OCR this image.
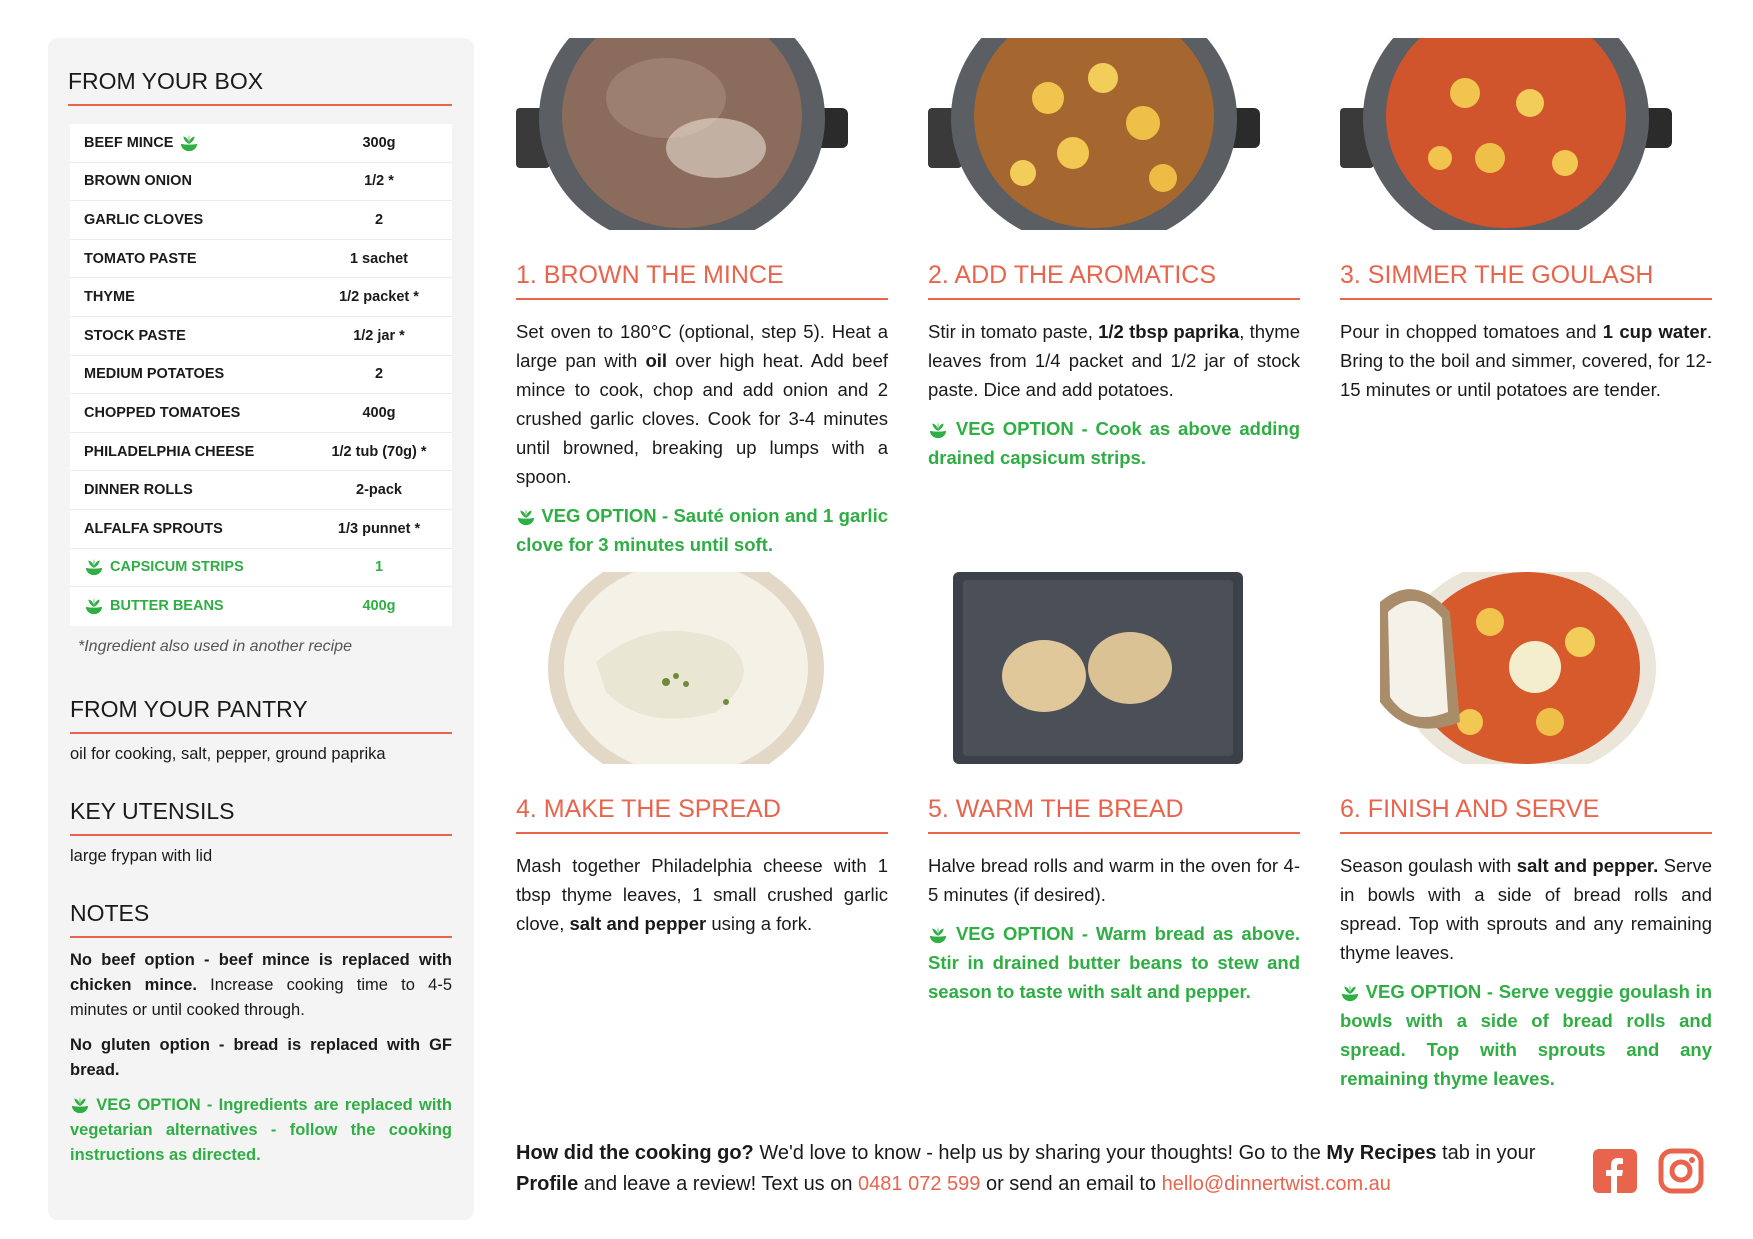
FROM YOUR BOX
BEEF MINCE	300g
BROWN ONION	1/2 *
GARLIC CLOVES	2
TOMATO PASTE	1 sachet
THYME	1/2 packet *
STOCK PASTE	1/2 jar *
MEDIUM POTATOES	2
CHOPPED TOMATOES	400g
PHILADELPHIA CHEESE	1/2 tub (70g) *
DINNER ROLLS	2-pack
ALFALFA SPROUTS	1/3 punnet *
CAPSICUM STRIPS	1
BUTTER BEANS	400g
*Ingredient also used in another recipe
FROM YOUR PANTRY
oil for cooking, salt, pepper, ground paprika
KEY UTENSILS
large frypan with lid
NOTES
No beef option - beef mince is replaced with chicken mince. Increase cooking time to 4-5 minutes or until cooked through.
No gluten option - bread is replaced with GF bread.
VEG OPTION - Ingredients are replaced with vegetarian alternatives - follow the cooking instructions as directed.
1. BROWN THE MINCE
Set oven to 180°C (optional, step 5). Heat a large pan with oil over high heat. Add beef mince to cook, chop and add onion and 2 crushed garlic cloves. Cook for 3-4 minutes until browned, breaking up lumps with a spoon.
VEG OPTION - Sauté onion and 1 garlic clove for 3 minutes until soft.
2. ADD THE AROMATICS
Stir in tomato paste, 1/2 tbsp paprika, thyme leaves from 1/4 packet and 1/2 jar of stock paste. Dice and add potatoes.
VEG OPTION - Cook as above adding drained capsicum strips.
3. SIMMER THE GOULASH
Pour in chopped tomatoes and 1 cup water. Bring to the boil and simmer, covered, for 12-15 minutes or until potatoes are tender.
4. MAKE THE SPREAD
Mash together Philadelphia cheese with 1 tbsp thyme leaves, 1 small crushed garlic clove, salt and pepper using a fork.
5. WARM THE BREAD
Halve bread rolls and warm in the oven for 4-5 minutes (if desired).
VEG OPTION - Warm bread as above. Stir in drained butter beans to stew and season to taste with salt and pepper.
6. FINISH AND SERVE
Season goulash with salt and pepper. Serve in bowls with a side of bread rolls and spread. Top with sprouts and any remaining thyme leaves.
VEG OPTION - Serve veggie goulash in bowls with a side of bread rolls and spread. Top with sprouts and any remaining thyme leaves.
How did the cooking go? We'd love to know - help us by sharing your thoughts! Go to the My Recipes tab in your Profile and leave a review! Text us on 0481 072 599 or send an email to hello@dinnertwist.com.au
